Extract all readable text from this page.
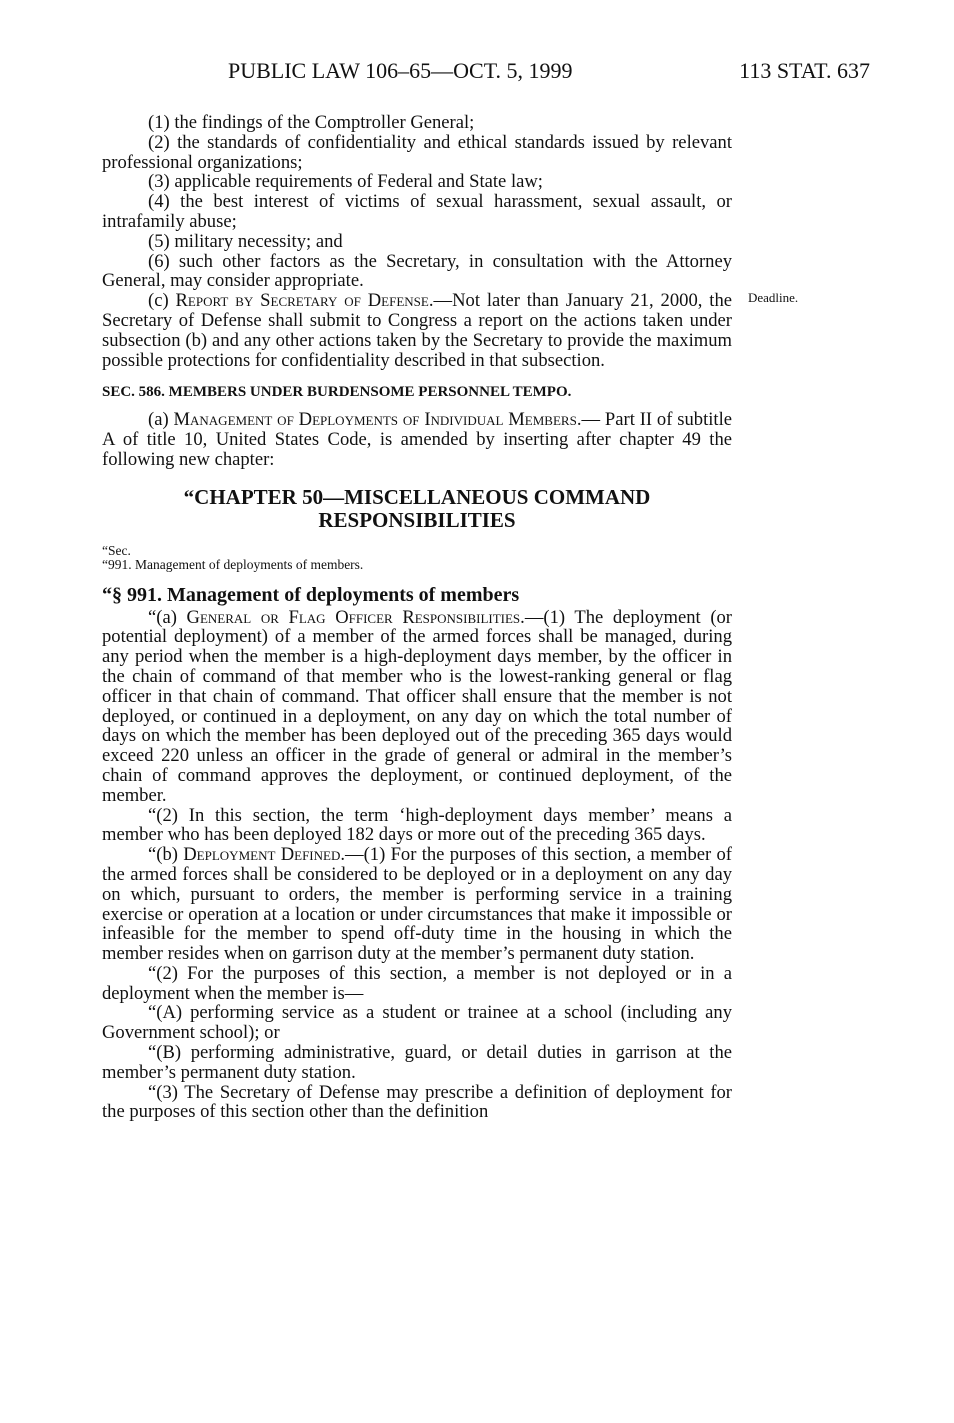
PUBLIC LAW 106–65—OCT. 5, 1999	113 STAT. 637
Deadline.

(1) the findings of the Comptroller General;

(2) the standards of confidentiality and ethical standards issued by relevant professional organizations;

(3) applicable requirements of Federal and State law;

(4) the best interest of victims of sexual harassment, sexual assault, or intrafamily abuse;

(5) military necessity; and

(6) such other factors as the Secretary, in consultation with the Attorney General, may consider appropriate.

(c) Report by Secretary of Defense.—Not later than January 21, 2000, the Secretary of Defense shall submit to Congress a report on the actions taken under subsection (b) and any other actions taken by the Secretary to provide the maximum possible protections for confidentiality described in that subsection.

SEC. 586. MEMBERS UNDER BURDENSOME PERSONNEL TEMPO.

(a) Management of Deployments of Individual Members.— Part II of subtitle A of title 10, United States Code, is amended by inserting after chapter 49 the following new chapter:

“CHAPTER 50—MISCELLANEOUS COMMAND RESPONSIBILITIES
“Sec.
“991. Management of deployments of members.

“§ 991. Management of deployments of members

“(a) General or Flag Officer Responsibilities.—(1) The deployment (or potential deployment) of a member of the armed forces shall be managed, during any period when the member is a high-deployment days member, by the officer in the chain of command of that member who is the lowest-ranking general or flag officer in that chain of command. That officer shall ensure that the member is not deployed, or continued in a deployment, on any day on which the total number of days on which the member has been deployed out of the preceding 365 days would exceed 220 unless an officer in the grade of general or admiral in the member’s chain of command approves the deployment, or continued deployment, of the member.

“(2) In this section, the term ‘high-deployment days member’ means a member who has been deployed 182 days or more out of the preceding 365 days.

“(b) Deployment Defined.—(1) For the purposes of this section, a member of the armed forces shall be considered to be deployed or in a deployment on any day on which, pursuant to orders, the member is performing service in a training exercise or operation at a location or under circumstances that make it impossible or infeasible for the member to spend off-duty time in the housing in which the member resides when on garrison duty at the member’s permanent duty station.

“(2) For the purposes of this section, a member is not deployed or in a deployment when the member is—

“(A) performing service as a student or trainee at a school (including any Government school); or

“(B) performing administrative, guard, or detail duties in garrison at the member’s permanent duty station.

“(3) The Secretary of Defense may prescribe a definition of deployment for the purposes of this section other than the definition
